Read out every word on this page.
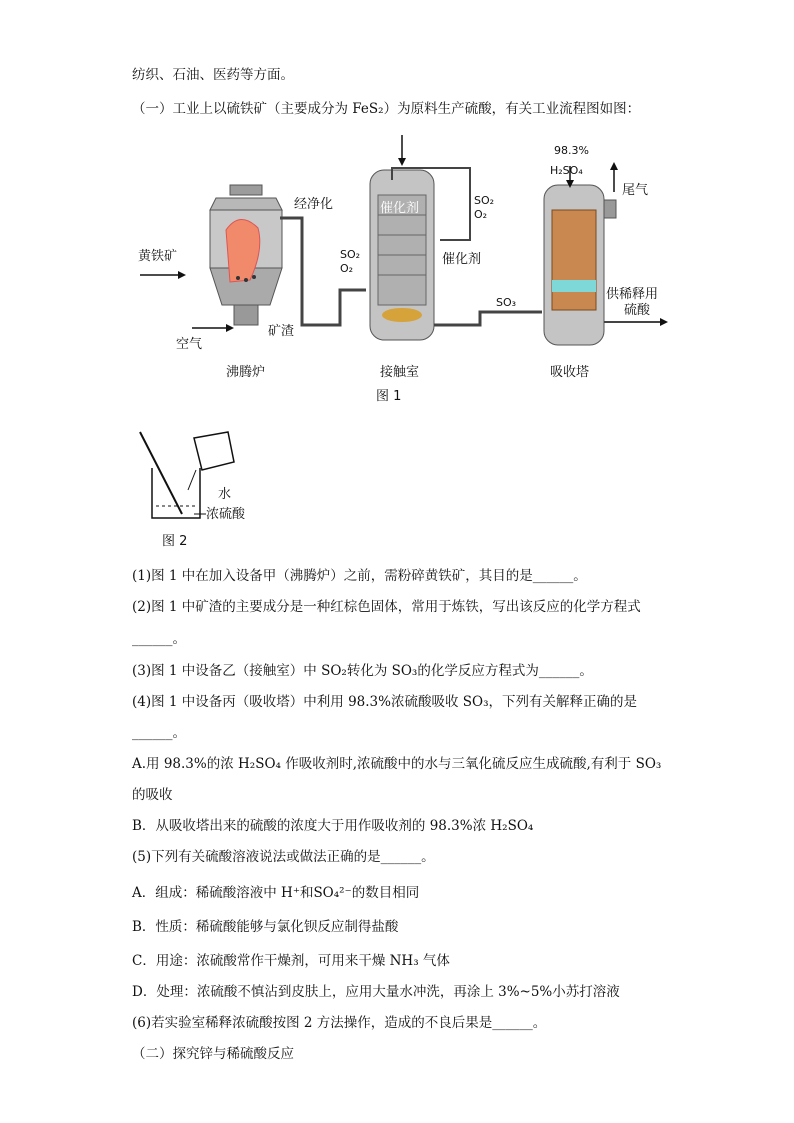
纺织、石油、医药等方面。
（一）工业上以硫铁矿（主要成分为 FeS₂）为原料生产硫酸，有关工业流程图如图：
黄铁矿
空气
经净化
矿渣
沸腾炉	接触室	吸收塔
催化剂
催化剂
SO₂
O₂
SO₂
O₂
SO₃
98.3%
H₂SO₄
尾气
供稀释用
硫酸
图 1
水
浓硫酸
图 2
(1)图 1 中在加入设备甲（沸腾炉）之前，需粉碎黄铁矿，其目的是______。
(2)图 1 中矿渣的主要成分是一种红棕色固体，常用于炼铁，写出该反应的化学方程式
______。
(3)图 1 中设备乙（接触室）中 SO₂转化为 SO₃的化学反应方程式为______。
(4)图 1 中设备丙（吸收塔）中利用 98.3%浓硫酸吸收 SO₃，下列有关解释正确的是
______。
A.用 98.3%的浓 H₂SO₄ 作吸收剂时,浓硫酸中的水与三氧化硫反应生成硫酸,有利于 SO₃
的吸收
B．从吸收塔出来的硫酸的浓度大于用作吸收剂的 98.3%浓 H₂SO₄
(5)下列有关硫酸溶液说法或做法正确的是______。
A．组成：稀硫酸溶液中 H⁺和SO₄²⁻的数目相同
B．性质：稀硫酸能够与氯化钡反应制得盐酸
C．用途：浓硫酸常作干燥剂，可用来干燥 NH₃ 气体
D．处理：浓硫酸不慎沾到皮肤上，应用大量水冲洗，再涂上 3%~5%小苏打溶液
(6)若实验室稀释浓硫酸按图 2 方法操作，造成的不良后果是______。
（二）探究锌与稀硫酸反应
